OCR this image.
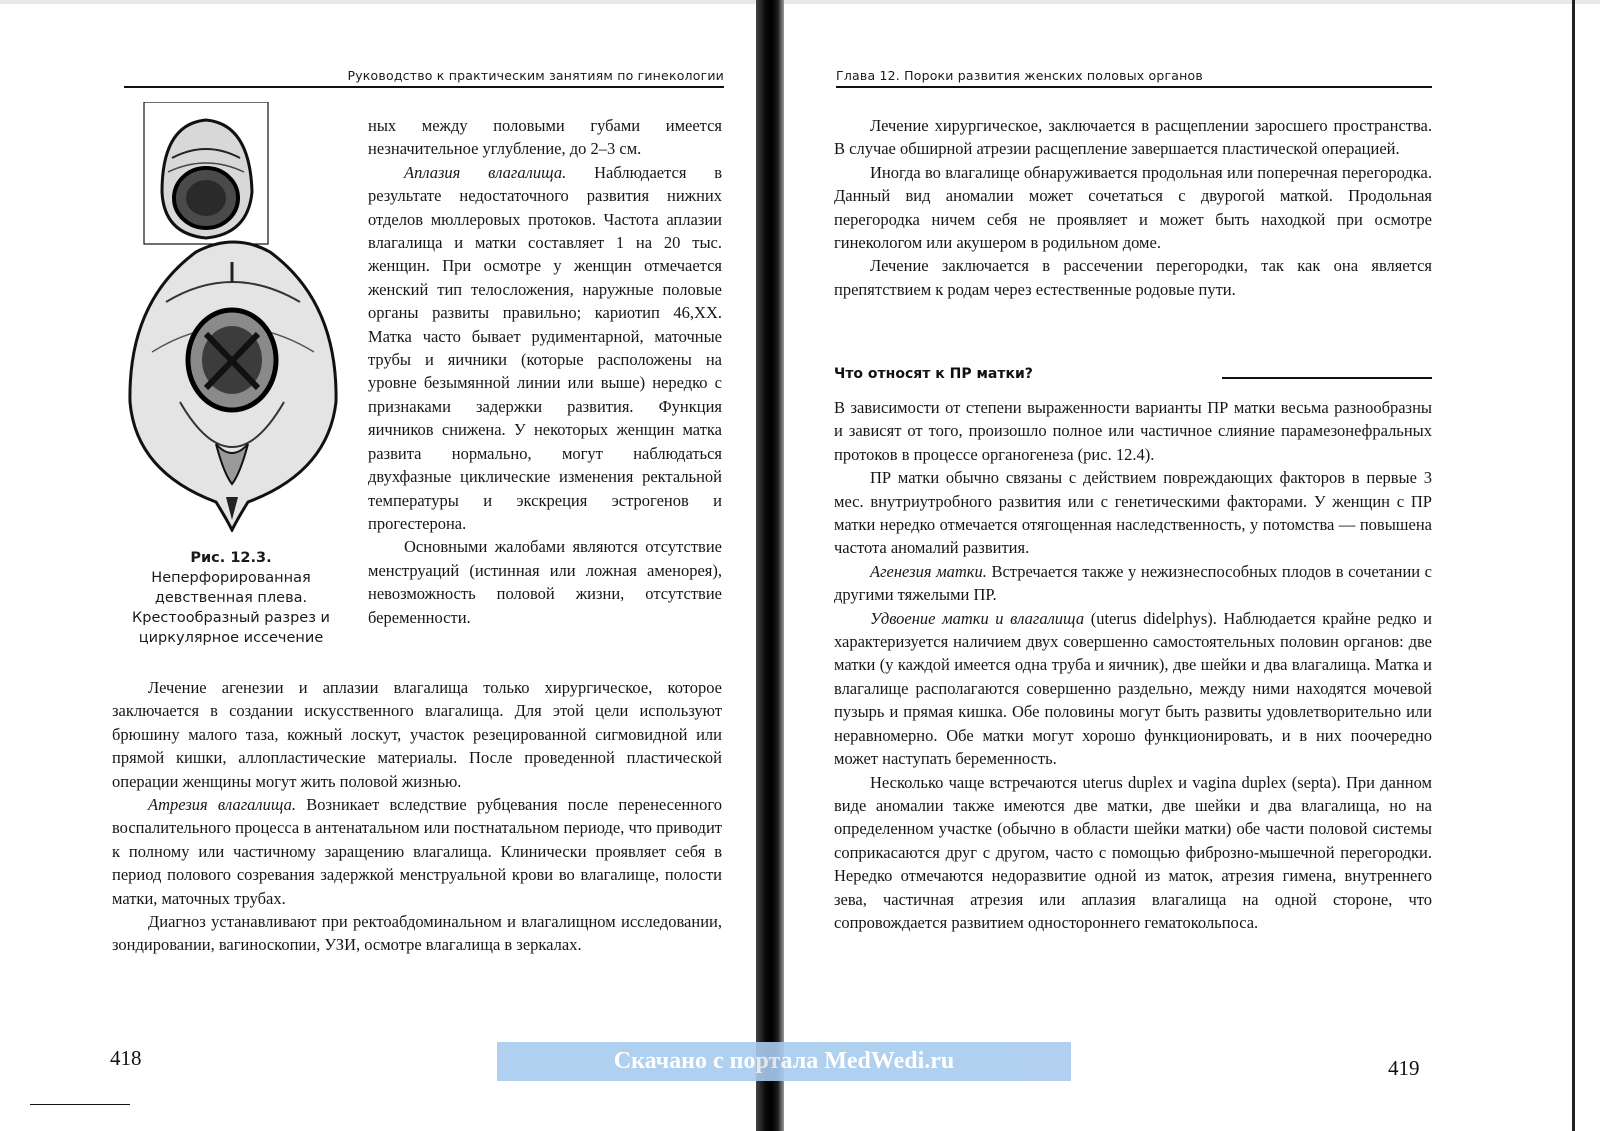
Руководство к практическим занятиям по гинекологии
Рис. 12.3. Неперфорированная девственная плева. Крестообразный разрез и циркулярное иссечение

ных между половыми губами имеется незначительное углубление, до 2–3 см.

Аплазия влагалища. Наблюдается в результате недостаточного развития нижних отделов мюллеровых протоков. Частота аплазии влагалища и матки составляет 1 на 20 тыс. женщин. При осмотре у женщин отмечается женский тип телосложения, наружные половые органы развиты правильно; кариотип 46,XX. Матка часто бывает рудиментарной, маточные трубы и яичники (которые расположены на уровне безымянной линии или выше) нередко с признаками задержки развития. Функция яичников снижена. У некоторых женщин матка развита нормально, могут наблюдаться двухфазные циклические изменения ректальной температуры и экскреция эстрогенов и прогестерона.

Основными жалобами являются отсутствие менструаций (истинная или ложная аменорея), невозможность половой жизни, отсутствие беременности.

Лечение агенезии и аплазии влагалища только хирургическое, которое заключается в создании искусственного влагалища. Для этой цели используют брюшину малого таза, кожный лоскут, участок резецированной сигмовидной или прямой кишки, аллопластические материалы. После проведенной пластической операции женщины могут жить половой жизнью.

Атрезия влагалища. Возникает вследствие рубцевания после перенесенного воспалительного процесса в антенатальном или постнатальном периоде, что приводит к полному или частичному заращению влагалища. Клинически проявляет себя в период полового созревания задержкой менструальной крови во влагалище, полости матки, маточных трубах.

Диагноз устанавливают при ректоабдоминальном и влагалищном исследовании, зондировании, вагиноскопии, УЗИ, осмотре влагалища в зеркалах.

418
Глава 12. Пороки развития женских половых органов

Лечение хирургическое, заключается в расщеплении заросшего пространства. В случае обширной атрезии расщепление завершается пластической операцией.

Иногда во влагалище обнаруживается продольная или поперечная перегородка. Данный вид аномалии может сочетаться с двурогой маткой. Продольная перегородка ничем себя не проявляет и может быть находкой при осмотре гинекологом или акушером в родильном доме.

Лечение заключается в рассечении перегородки, так как она является препятствием к родам через естественные родовые пути.

Что относят к ПР матки?

В зависимости от степени выраженности варианты ПР матки весьма разнообразны и зависят от того, произошло полное или частичное слияние парамезонефральных протоков в процессе органогенеза (рис. 12.4).

ПР матки обычно связаны с действием повреждающих факторов в первые 3 мес. внутриутробного развития или с генетическими факторами. У женщин с ПР матки нередко отмечается отягощенная наследственность, у потомства — повышена частота аномалий развития.

Агенезия матки. Встречается также у нежизнеспособных плодов в сочетании с другими тяжелыми ПР.

Удвоение матки и влагалища (uterus didelphys). Наблюдается крайне редко и характеризуется наличием двух совершенно самостоятельных половин органов: две матки (у каждой имеется одна труба и яичник), две шейки и два влагалища. Матка и влагалище располагаются совершенно раздельно, между ними находятся мочевой пузырь и прямая кишка. Обе половины могут быть развиты удовлетворительно или неравномерно. Обе матки могут хорошо функционировать, и в них поочередно может наступать беременность.

Несколько чаще встречаются uterus duplex и vagina duplex (septa). При данном виде аномалии также имеются две матки, две шейки и два влагалища, но на определенном участке (обычно в области шейки матки) обе части половой системы соприкасаются друг с другом, часто с помощью фиброзно-мышечной перегородки. Нередко отмечаются недоразвитие одной из маток, атрезия гимена, внутреннего зева, частичная атрезия или аплазия влагалища на одной стороне, что сопровождается развитием одностороннего гематокольпоса.

419
Скачано с портала MedWedi.ru
